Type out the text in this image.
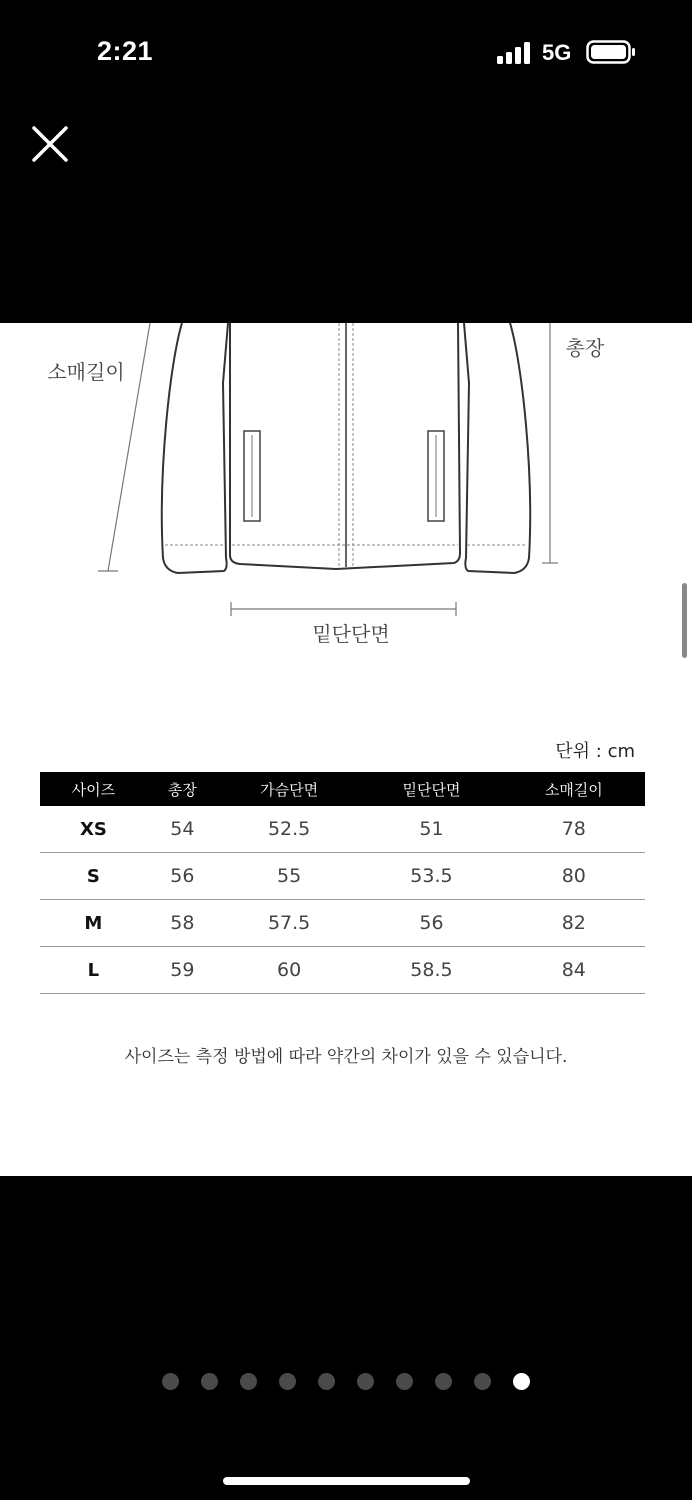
2:21	5G
소매길이
총장
밑단단면
단위 : cm
사이즈	총장	가슴단면	밑단단면	소매길이
XS	54	52.5	51	78
S	56	55	53.5	80
M	58	57.5	56	82
L	59	60	58.5	84
사이즈는 측정 방법에 따라 약간의 차이가 있을 수 있습니다.
